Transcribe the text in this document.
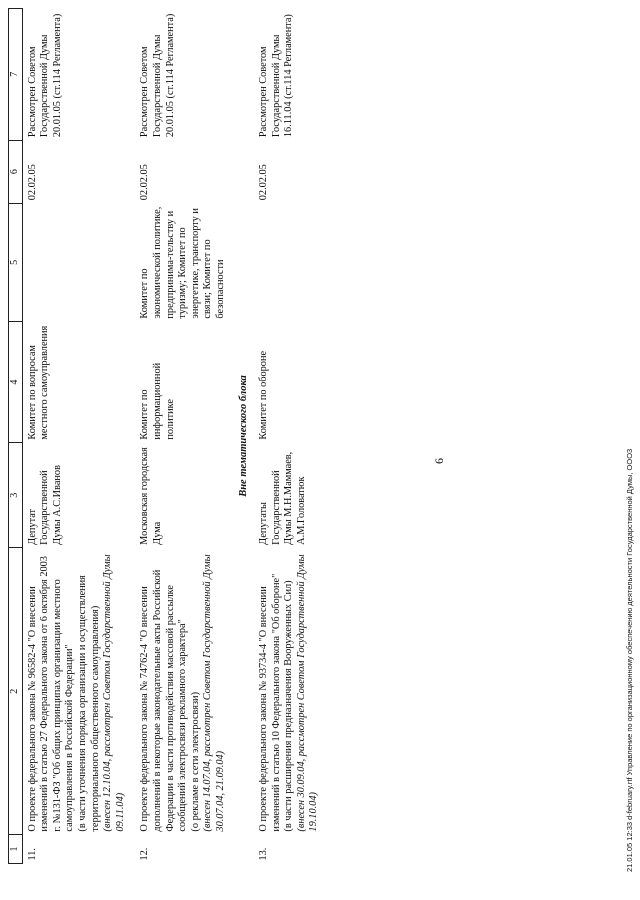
1	2	3	4	5	6	7
11.	О проекте федерального закона № 96582-4 "О внесении изменений в статью 27 Федерального закона от 6 октября 2003 г. №131-ФЗ "Об общих принципах организации местного самоуправления в Российской Федерации" (в части уточнения порядка организации и осуществления территориального общественного самоуправления) (внесен 12.10.04, рассмотрен Советом Государственной Думы 09.11.04)	Депутат Государственной Думы А.С.Иванов	Комитет по вопросам местного самоуправления		02.02.05	Рассмотрен Советом Государственной Думы 20.01.05 (ст.114 Регламента)
12.	О проекте федерального закона № 74762-4 "О внесении дополнений в некоторые законодательные акты Российской Федерации в части противодействия массовой рассылке сообщений электросвязи рекламного характера" (о рекламе в сети электросвязи) (внесен 14.07.04, рассмотрен Советом Государственной Думы 30.07.04, 21.09.04)	Московская городская Дума	Комитет по информационной политике	Комитет по экономической политике, предпринима-тельству и туризму; Комитет по энергетике, транспорту и связи; Комитет по безопасности	02.02.05	Рассмотрен Советом Государственной Думы 20.01.05 (ст.114 Регламента)
Вне тематического блока						
13.	О проекте федерального закона № 93734-4 "О внесении изменений в статью 10 Федерального закона "Об обороне" (в части расширения предназначения Вооруженных Сил) (внесен 30.09.04, рассмотрен Советом Государственной Думы 19.10.04)	Депутаты Государственной Думы М.Н.Маммаев, А.М.Головатюк	Комитет по обороне		02.02.05	Рассмотрен Советом Государственной Думы 16.11.04 (ст.114 Регламента)
6	21.01.05 12:33 d-february.rtf Управление по организационному обеспечению деятельности Государственной Думы, ООО3
